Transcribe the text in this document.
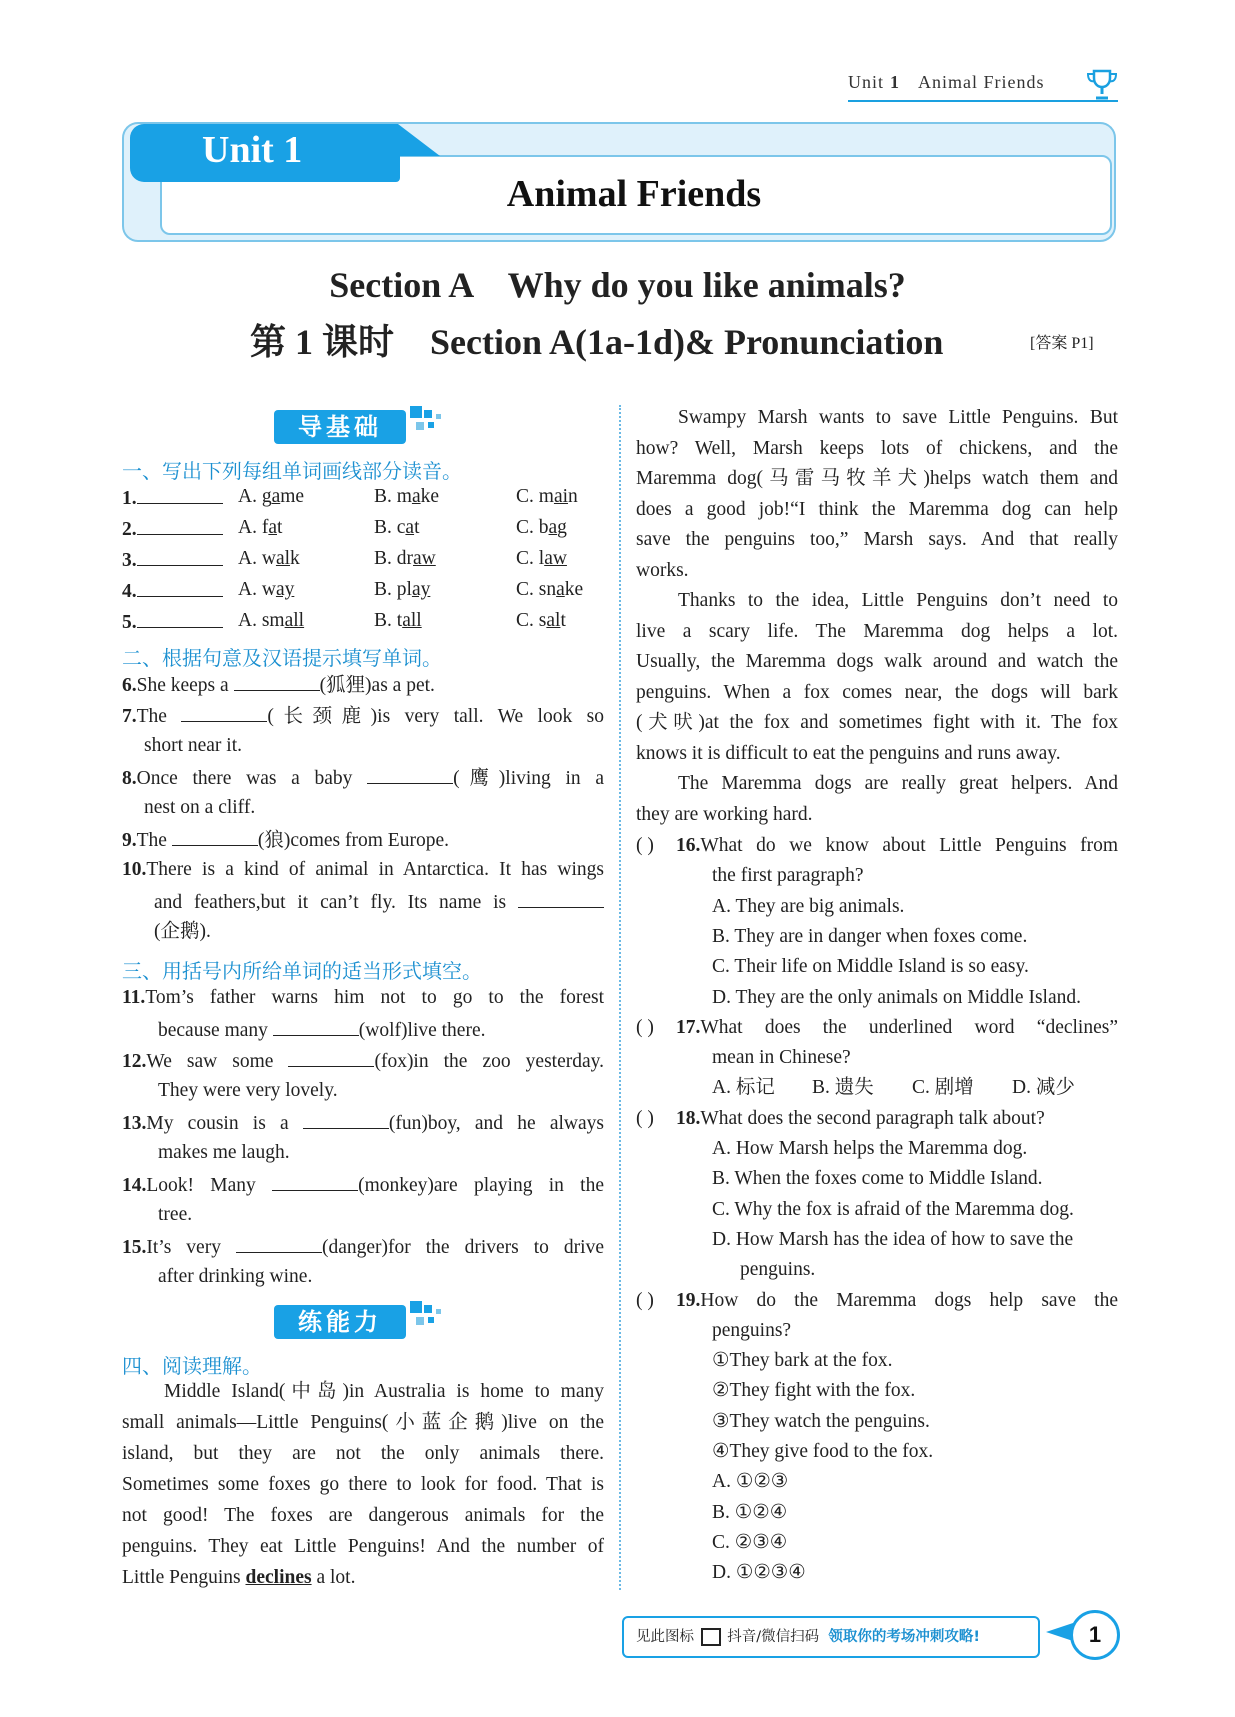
Unit 1 Animal Friends
Unit 1
Animal Friends
Section A    Why do you like animals?
第 1 课时    Section A(1a-1d)& Pronunciation	[答案 P1]
导基础
一、写出下列每组单词画线部分读音。
1.	A. game	B. make	C. main
2.	A. fat	B. cat	C. bag
3.	A. walk	B. draw	C. law
4.	A. way	B. play	C. snake
5.	A. small	B. tall	C. salt
二、根据句意及汉语提示填写单词。
6.She keeps a	(狐狸)as a pet.
7.The	(长颈鹿)is very tall. We look so
short near it.
8.Once there was a baby	(鹰)living in a
nest on a cliff.
9.The	(狼)comes from Europe.
10.There is a kind of animal in Antarctica. It has wings
and feathers,but it can’t fly. Its name is
(企鹅).
三、用括号内所给单词的适当形式填空。
11.Tom’s father warns him not to go to the forest
because many	(wolf)live there.
12.We saw some	(fox)in the zoo yesterday.
They were very lovely.
13.My cousin is a	(fun)boy, and he always
makes me laugh.
14.Look! Many	(monkey)are playing in the
tree.
15.It’s very	(danger)for the drivers to drive
after drinking wine.
练能力
四、阅读理解。
Middle Island(中岛)in Australia is home to many
small animals—Little Penguins(小蓝企鹅)live on the
island, but they are not the only animals there.
Sometimes some foxes go there to look for food. That is
not good! The foxes are dangerous animals for the
penguins. They eat Little Penguins! And the number of
Little Penguins declines a lot.
Swampy Marsh wants to save Little Penguins. But
how? Well, Marsh keeps lots of chickens, and the
Maremma dog(马雷马牧羊犬)helps watch them and
does a good job!“I think the Maremma dog can help
save the penguins too,” Marsh says. And that really
works.
Thanks to the idea, Little Penguins don’t need to
live a scary life. The Maremma dog helps a lot.
Usually, the Maremma dogs walk around and watch the
penguins. When a fox comes near, the dogs will bark
(犬吠)at the fox and sometimes fight with it. The fox
knows it is difficult to eat the penguins and runs away.
The Maremma dogs are really great helpers. And
they are working hard.
( ) 16.What do we know about Little Penguins from
the first paragraph?
A. They are big animals.
B. They are in danger when foxes come.
C. Their life on Middle Island is so easy.
D. They are the only animals on Middle Island.
( ) 17.What does the underlined word “declines”
mean in Chinese?
A. 标记 B. 遗失 C. 剧增 D. 减少
( ) 18.What does the second paragraph talk about?
A. How Marsh helps the Maremma dog.
B. When the foxes come to Middle Island.
C. Why the fox is afraid of the Maremma dog.
D. How Marsh has the idea of how to save the
penguins.
( ) 19.How do the Maremma dogs help save the
penguins?
①They bark at the fox.
②They fight with the fox.
③They watch the penguins.
④They give food to the fox.
A. ①②③
B. ①②④
C. ②③④
D. ①②③④
见此图标 抖音/微信扫码 领取你的考场冲刺攻略!	1
